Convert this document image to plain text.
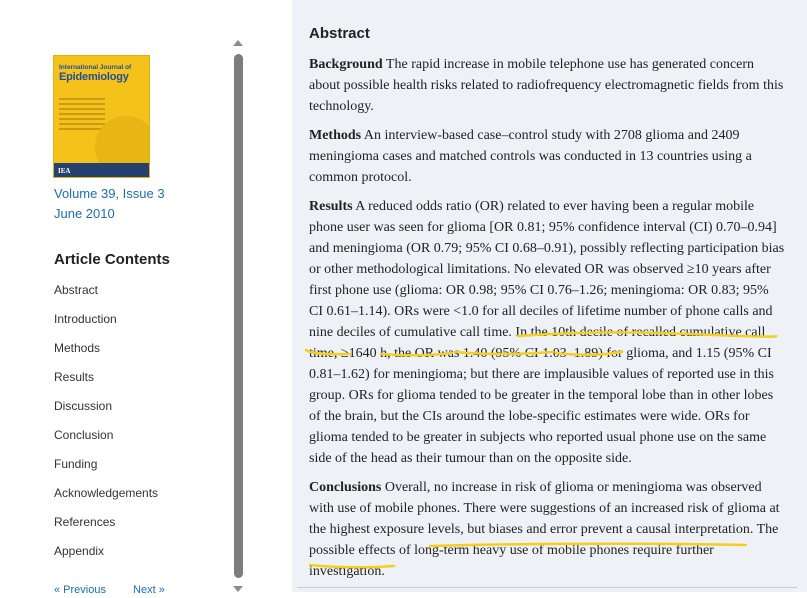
International Journal of
Epidemiology
IEA
Volume 39, Issue 3
June 2010
Article Contents
Abstract
Introduction
Methods
Results
Discussion
Conclusion
Funding
Acknowledgements
References
Appendix
« Previous Next »
Abstract

Background The rapid increase in mobile telephone use has generated concern about possible health risks related to radiofrequency electromagnetic fields from this technology.

Methods An interview-based case–control study with 2708 glioma and 2409 meningioma cases and matched controls was conducted in 13 countries using a common protocol.

Results A reduced odds ratio (OR) related to ever having been a regular mobile phone user was seen for glioma [OR 0.81; 95% confidence interval (CI) 0.70–0.94] and meningioma (OR 0.79; 95% CI 0.68–0.91), possibly reflecting participation bias or other methodological limitations. No elevated OR was observed ≥10 years after first phone use (glioma: OR 0.98; 95% CI 0.76–1.26; meningioma: OR 0.83; 95% CI 0.61–1.14). ORs were <1.0 for all deciles of lifetime number of phone calls and nine deciles of cumulative call time. In the 10th decile of recalled cumulative call time, ≥1640 h, the OR was 1.40 (95% CI 1.03–1.89) for glioma, and 1.15 (95% CI 0.81–1.62) for meningioma; but there are implausible values of reported use in this group. ORs for glioma tended to be greater in the temporal lobe than in other lobes of the brain, but the CIs around the lobe-specific estimates were wide. ORs for glioma tended to be greater in subjects who reported usual phone use on the same side of the head as their tumour than on the opposite side.

Conclusions Overall, no increase in risk of glioma or meningioma was observed with use of mobile phones. There were suggestions of an increased risk of glioma at the highest exposure levels, but biases and error prevent a causal interpretation. The possible effects of long-term heavy use of mobile phones require further investigation.
